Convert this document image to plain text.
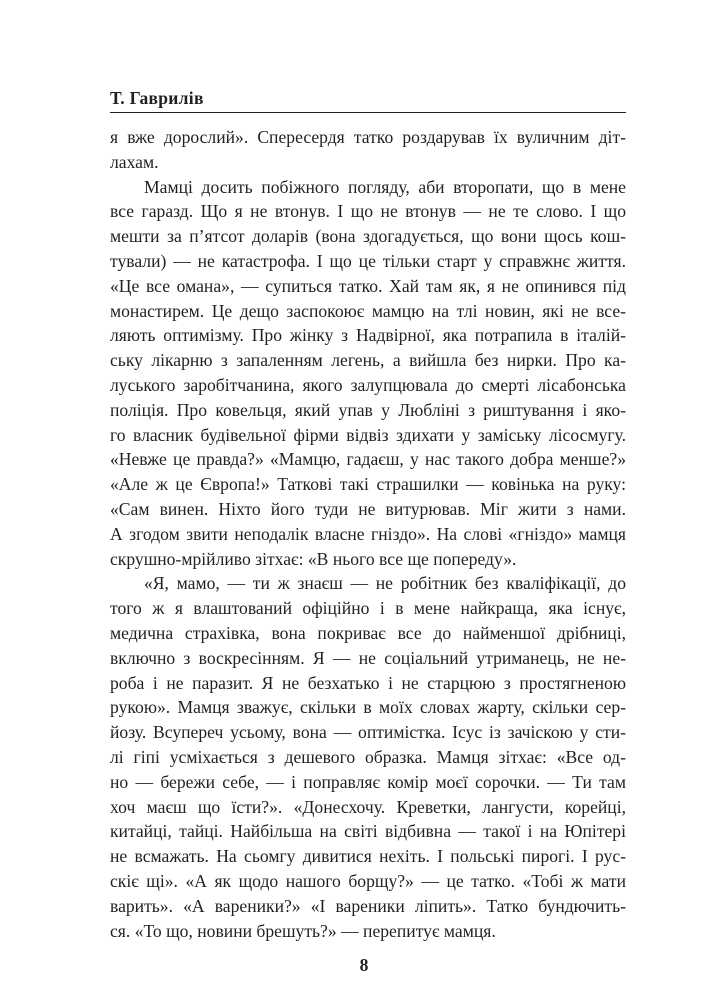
Т. Гаврилів
я вже дорослий». Спересердя татко роздарував їх вуличним діт-
лахам.
Мамці досить побіжного погляду, аби второпати, що в мене
все гаразд. Що я не втонув. І що не втонув — не те слово. І що
мешти за п’ятсот доларів (вона здогадується, що вони щось кош-
тували) — не катастрофа. І що це тільки старт у справжнє життя.
«Це все омана», — супиться татко. Хай там як, я не опинився під
монастирем. Це дещо заспокоює мамцю на тлі новин, які не все-
ляють оптимізму. Про жінку з Надвірної, яка потрапила в італій-
ську лікарню з запаленням легень, а вийшла без нирки. Про ка-
луського заробітчанина, якого залупцювала до смерті лісабонська
поліція. Про ковельця, який упав у Любліні з риштування і яко-
го власник будівельної фірми відвіз здихати у заміську лісосмугу.
«Невже це правда?» «Мамцю, гадаєш, у нас такого добра менше?»
«Але ж це Європа!» Таткові такі страшилки — ковінька на руку:
«Сам винен. Ніхто його туди не витурював. Міг жити з нами.
А згодом звити неподалік власне гніздо». На слові «гніздо» мамця
скрушно-мрійливо зітхає: «В нього все ще попереду».
«Я, мамо, — ти ж знаєш — не робітник без кваліфікації, до
того ж я влаштований офіційно і в мене найкраща, яка існує,
медична страхівка, вона покриває все до найменшої дрібниці,
включно з воскресінням. Я — не соціальний утриманець, не не-
роба і не паразит. Я не безхатько і не старцюю з простягненою
рукою». Мамця зважує, скільки в моїх словах жарту, скільки сер-
йозу. Всупереч усьому, вона — оптимістка. Ісус із зачіскою у сти-
лі гіпі усміхається з дешевого образка. Мамця зітхає: «Все од-
но — бережи себе, — і поправляє комір моєї сорочки. — Ти там
хоч маєш що їсти?». «Донесхочу. Креветки, лангусти, корейці,
китайці, тайці. Найбільша на світі відбивна — такої і на Юпітері
не всмажать. На сьомгу дивитися нехіть. І польські пирогі. І рус-
скіє щі». «А як щодо нашого борщу?» — це татко. «Тобі ж мати
варить». «А вареники?» «І вареники ліпить». Татко бундючить-
ся. «То що, новини брешуть?» — перепитує мамця.
8
